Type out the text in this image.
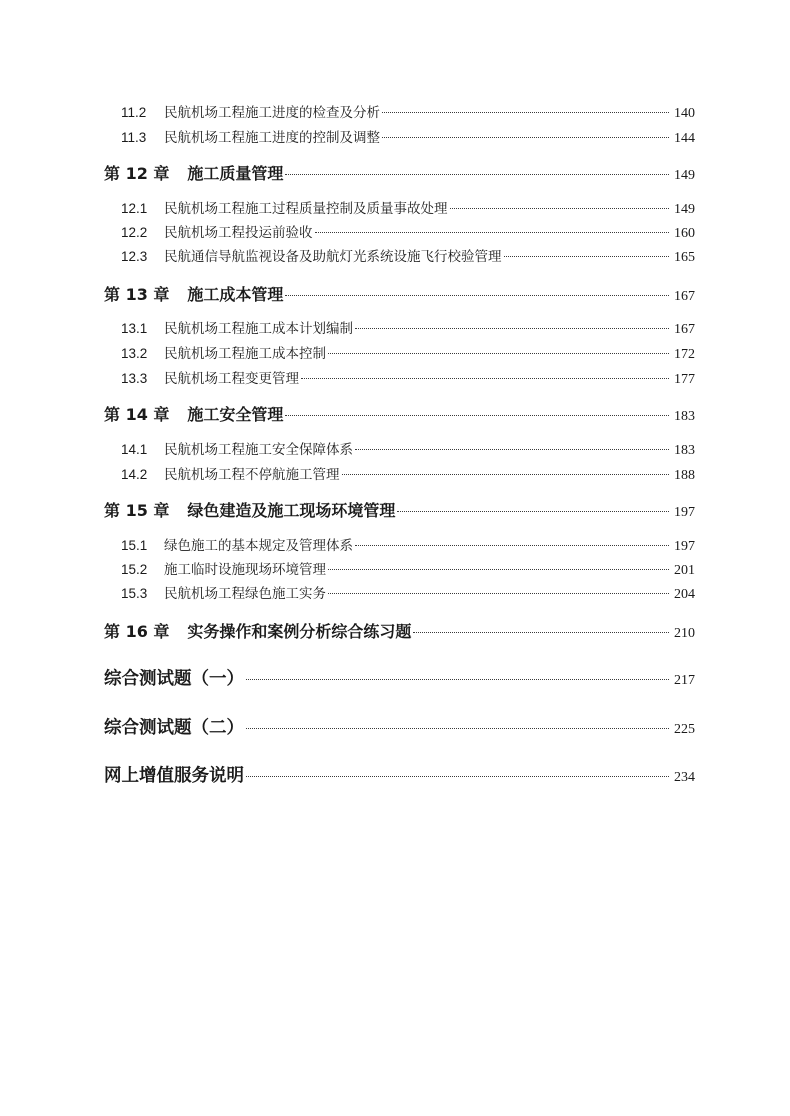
11.2	民航机场工程施工进度的检查及分析	140
11.3	民航机场工程施工进度的控制及调整	144
第 12 章 施工质量管理	149
12.1	民航机场工程施工过程质量控制及质量事故处理	149
12.2	民航机场工程投运前验收	160
12.3	民航通信导航监视设备及助航灯光系统设施飞行校验管理	165
第 13 章 施工成本管理	167
13.1	民航机场工程施工成本计划编制	167
13.2	民航机场工程施工成本控制	172
13.3	民航机场工程变更管理	177
第 14 章 施工安全管理	183
14.1	民航机场工程施工安全保障体系	183
14.2	民航机场工程不停航施工管理	188
第 15 章 绿色建造及施工现场环境管理	197
15.1	绿色施工的基本规定及管理体系	197
15.2	施工临时设施现场环境管理	201
15.3	民航机场工程绿色施工实务	204
第 16 章 实务操作和案例分析综合练习题	210
综合测试题（一）	217
综合测试题（二）	225
网上增值服务说明	234
